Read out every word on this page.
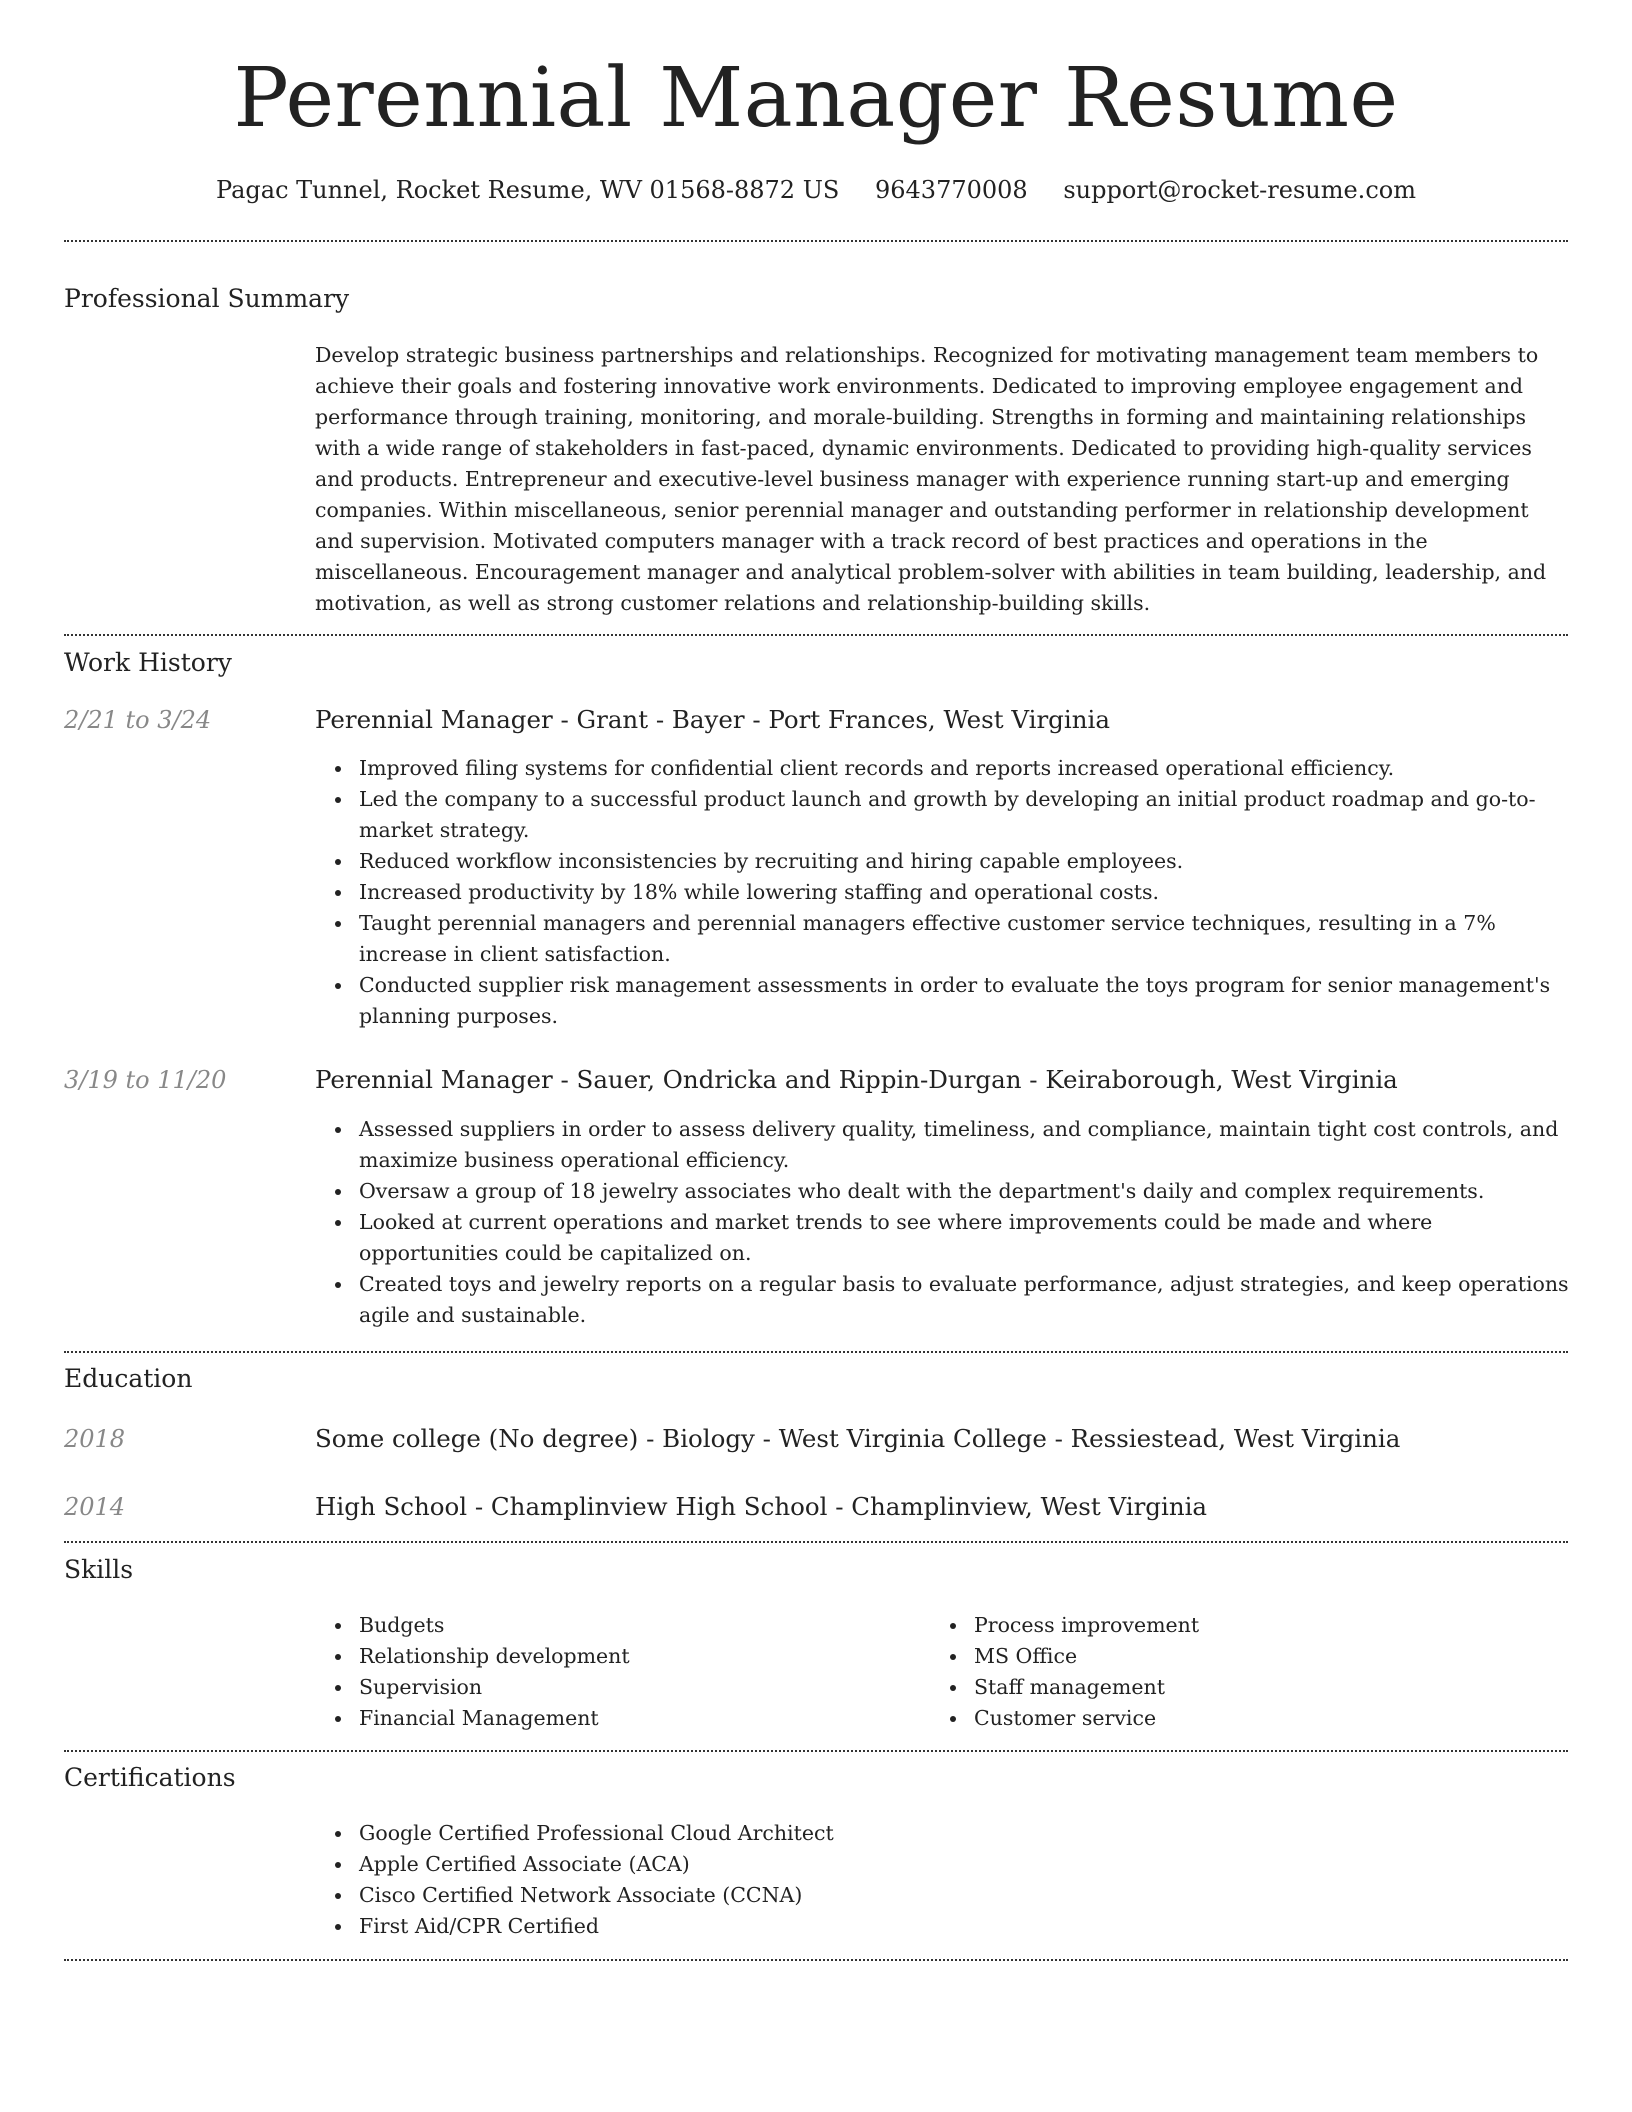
Perennial Manager Resume
Pagac Tunnel, Rocket Resume, WV 01568-8872 US 9643770008 support@rocket-resume.com
Professional Summary

Develop strategic business partnerships and relationships. Recognized for motivating management team members to achieve their goals and fostering innovative work environments. Dedicated to improving employee engagement and performance through training, monitoring, and morale-building. Strengths in forming and maintaining relationships with a wide range of stakeholders in fast-paced, dynamic environments. Dedicated to providing high-quality services and products. Entrepreneur and executive-level business manager with experience running start-up and emerging companies. Within miscellaneous, senior perennial manager and outstanding performer in relationship development and supervision. Motivated computers manager with a track record of best practices and operations in the miscellaneous. Encouragement manager and analytical problem-solver with abilities in team building, leadership, and motivation, as well as strong customer relations and relationship-building skills.

Work History
2/21 to 3/24	Perennial Manager - Grant - Bayer - Port Frances, West Virginia
Improved filing systems for confidential client records and reports increased operational efficiency.
Led the company to a successful product launch and growth by developing an initial product roadmap and go-to-market strategy.
Reduced workflow inconsistencies by recruiting and hiring capable employees.
Increased productivity by 18% while lowering staffing and operational costs.
Taught perennial managers and perennial managers effective customer service techniques, resulting in a 7% increase in client satisfaction.
Conducted supplier risk management assessments in order to evaluate the toys program for senior management's planning purposes.
3/19 to 11/20	Perennial Manager - Sauer, Ondricka and Rippin-Durgan - Keiraborough, West Virginia
Assessed suppliers in order to assess delivery quality, timeliness, and compliance, maintain tight cost controls, and maximize business operational efficiency.
Oversaw a group of 18 jewelry associates who dealt with the department's daily and complex requirements.
Looked at current operations and market trends to see where improvements could be made and where opportunities could be capitalized on.
Created toys and jewelry reports on a regular basis to evaluate performance, adjust strategies, and keep operations agile and sustainable.
Education
2018	Some college (No degree) - Biology - West Virginia College - Ressiestead, West Virginia
2014	High School - Champlinview High School - Champlinview, West Virginia
Skills
Budgets
Relationship development
Supervision
Financial Management
Process improvement
MS Office
Staff management
Customer service
Certifications
Google Certified Professional Cloud Architect
Apple Certified Associate (ACA)
Cisco Certified Network Associate (CCNA)
First Aid/CPR Certified
